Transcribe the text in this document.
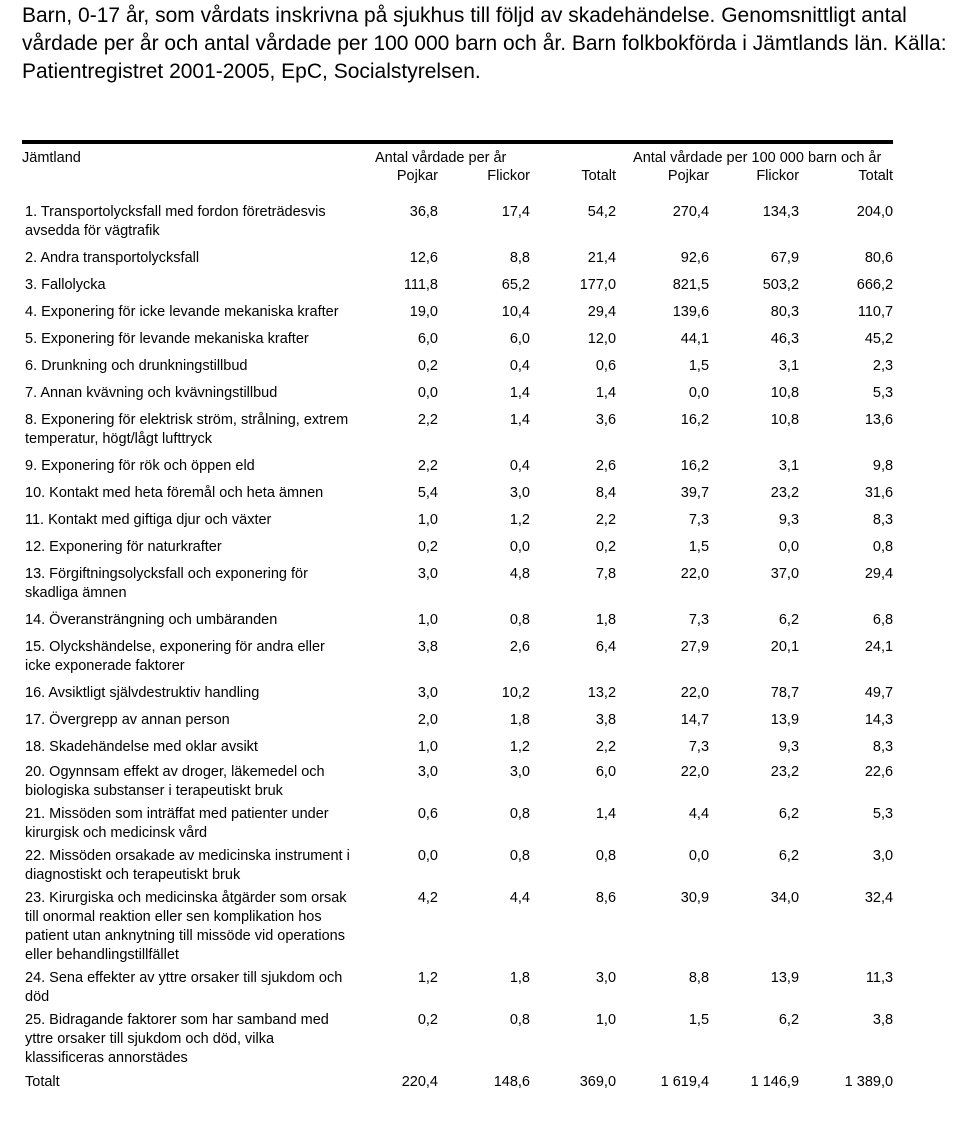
Barn, 0-17 år, som vårdats inskrivna på sjukhus till följd av skadehändelse. Genomsnittligt antal vårdade per år och antal vårdade per 100 000 barn och år. Barn folkbokförda i Jämtlands län. Källa: Patientregistret 2001-2005, EpC, Socialstyrelsen.

Jämtland	Antal vårdade per år			Antal vårdade per 100 000 barn och år		
	Pojkar	Flickor	Totalt	Pojkar	Flickor	Totalt

1. Transportolycksfall med fordon företrädesvis avsedda för vägtrafik	36,8	17,4	54,2	270,4	134,3	204,0
2. Andra transportolycksfall	12,6	8,8	21,4	92,6	67,9	80,6
3. Fallolycka	111,8	65,2	177,0	821,5	503,2	666,2
4. Exponering för icke levande mekaniska krafter	19,0	10,4	29,4	139,6	80,3	110,7
5. Exponering för levande mekaniska krafter	6,0	6,0	12,0	44,1	46,3	45,2
6. Drunkning och drunkningstillbud	0,2	0,4	0,6	1,5	3,1	2,3
7. Annan kvävning och kvävningstillbud	0,0	1,4	1,4	0,0	10,8	5,3
8. Exponering för elektrisk ström, strålning, extrem temperatur, högt/lågt lufttryck	2,2	1,4	3,6	16,2	10,8	13,6
9. Exponering för rök och öppen eld	2,2	0,4	2,6	16,2	3,1	9,8
10. Kontakt med heta föremål och heta ämnen	5,4	3,0	8,4	39,7	23,2	31,6
11. Kontakt med giftiga djur och växter	1,0	1,2	2,2	7,3	9,3	8,3
12. Exponering för naturkrafter	0,2	0,0	0,2	1,5	0,0	0,8
13. Förgiftningsolycksfall och exponering för skadliga ämnen	3,0	4,8	7,8	22,0	37,0	29,4
14. Överansträngning och umbäranden	1,0	0,8	1,8	7,3	6,2	6,8
15. Olyckshändelse, exponering för andra eller icke exponerade faktorer	3,8	2,6	6,4	27,9	20,1	24,1
16. Avsiktligt självdestruktiv handling	3,0	10,2	13,2	22,0	78,7	49,7
17. Övergrepp av annan person	2,0	1,8	3,8	14,7	13,9	14,3
18. Skadehändelse med oklar avsikt	1,0	1,2	2,2	7,3	9,3	8,3
20. Ogynnsam effekt av droger, läkemedel och biologiska substanser i terapeutiskt bruk	3,0	3,0	6,0	22,0	23,2	22,6
21. Missöden som inträffat med patienter under kirurgisk och medicinsk vård	0,6	0,8	1,4	4,4	6,2	5,3
22. Missöden orsakade av medicinska instrument i diagnostiskt och terapeutiskt bruk	0,0	0,8	0,8	0,0	6,2	3,0
23. Kirurgiska och medicinska åtgärder som orsak till onormal reaktion eller sen komplikation hos patient utan anknytning till missöde vid operations eller behandlingstillfället	4,2	4,4	8,6	30,9	34,0	32,4
24. Sena effekter av yttre orsaker till sjukdom och död	1,2	1,8	3,0	8,8	13,9	11,3
25. Bidragande faktorer som har samband med yttre orsaker till sjukdom och död, vilka klassificeras annorstädes	0,2	0,8	1,0	1,5	6,2	3,8
Totalt	220,4	148,6	369,0	1 619,4	1 146,9	1 389,0
